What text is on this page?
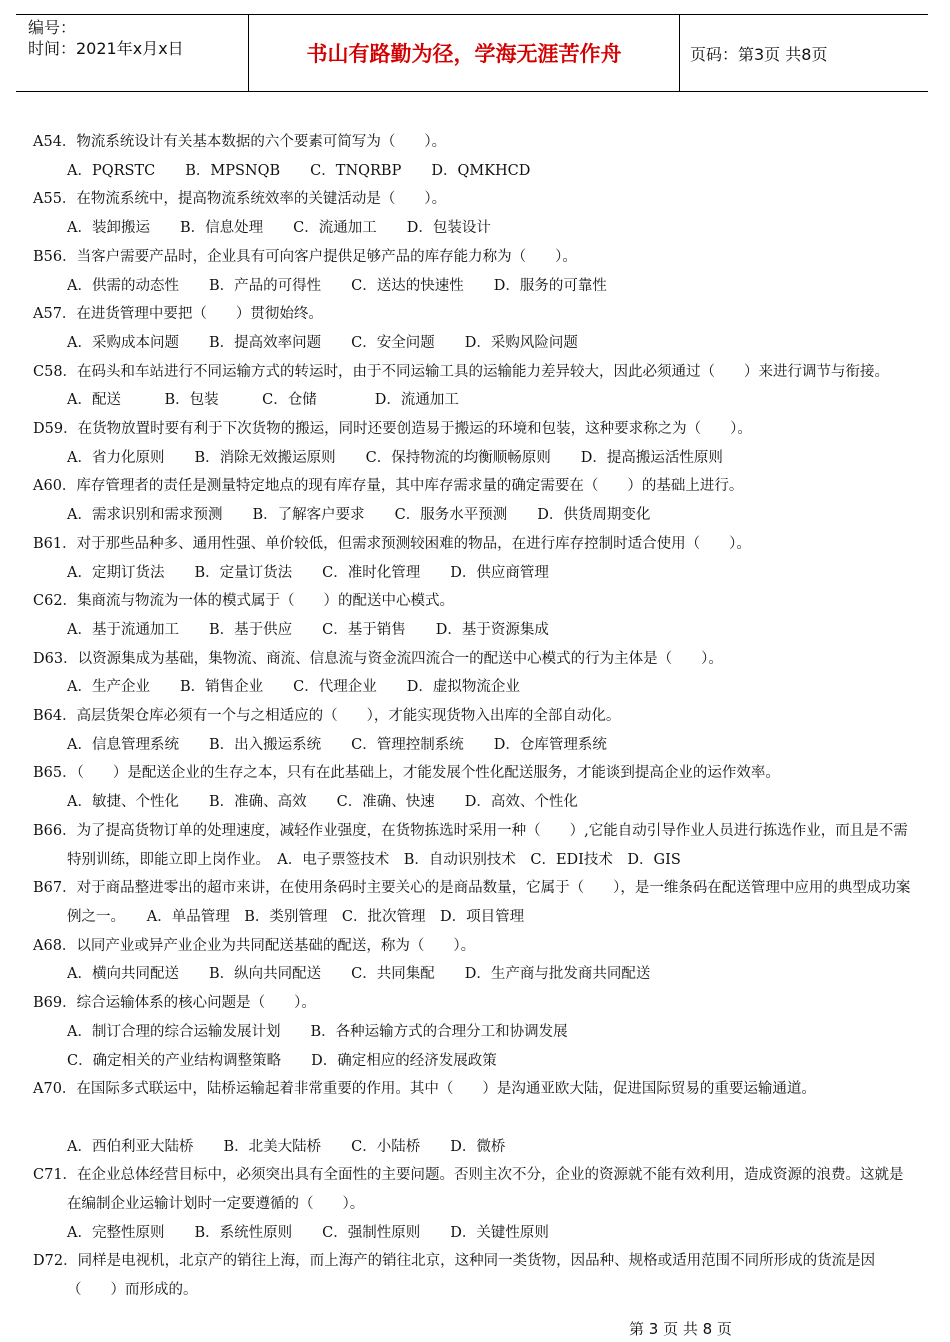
编号：
时间：2021年x月x日	书山有路勤为径，学海无涯苦作舟	页码：第3页 共8页

A54．物流系统设计有关基本数据的六个要素可简写为（　　）。

A．PQRSTC B．MPSNQB C．TNQRBP D．QMKHCD

A55．在物流系统中，提高物流系统效率的关键活动是（　　）。

A．装卸搬运 B．信息处理 C．流通加工 D．包装设计

B56．当客户需要产品时，企业具有可向客户提供足够产品的库存能力称为（　　）。

A．供需的动态性 B．产品的可得性 C．送达的快速性 D．服务的可靠性

A57．在进货管理中要把（　　）贯彻始终。

A．采购成本问题 B．提高效率问题 C．安全问题 D．采购风险问题

C58．在码头和车站进行不同运输方式的转运时，由于不同运输工具的运输能力差异较大，因此必须通过（　　）来进行调节与衔接。　A．配送　　　B．包装　　　C．仓储　　　　D．流通加工

D59．在货物放置时要有利于下次货物的搬运，同时还要创造易于搬运的环境和包装，这种要求称之为（　　）。

A．省力化原则 B．消除无效搬运原则 C．保持物流的均衡顺畅原则 D．提高搬运活性原则

A60．库存管理者的责任是测量特定地点的现有库存量，其中库存需求量的确定需要在（　　）的基础上进行。

A．需求识别和需求预测 B．了解客户要求 C．服务水平预测 D．供货周期变化

B61．对于那些品种多、通用性强、单价较低，但需求预测较困难的物品，在进行库存控制时适合使用（　　）。

A．定期订货法 B．定量订货法 C．准时化管理 D．供应商管理

C62．集商流与物流为一体的模式属于（　　）的配送中心模式。

A．基于流通加工 B．基于供应 C．基于销售 D．基于资源集成

D63．以资源集成为基础，集物流、商流、信息流与资金流四流合一的配送中心模式的行为主体是（　　）。

A．生产企业 B．销售企业 C．代理企业 D．虚拟物流企业

B64．高层货架仓库必须有一个与之相适应的（　　），才能实现货物入出库的全部自动化。

A．信息管理系统 B．出入搬运系统 C．管理控制系统 D．仓库管理系统

B65．（　　）是配送企业的生存之本，只有在此基础上，才能发展个性化配送服务，才能谈到提高企业的运作效率。

A．敏捷、个性化 B．准确、高效 C．准确、快速 D．高效、个性化

B66．为了提高货物订单的处理速度，减轻作业强度，在货物拣选时采用一种（　　）,它能自动引导作业人员进行拣选作业，而且是不需特别训练，即能立即上岗作业。　A．电子票签技术　B．自动识别技术　C．EDI技术　D．GIS

B67．对于商品整进零出的超市来讲，在使用条码时主要关心的是商品数量，它属于（　　），是一维条码在配送管理中应用的典型成功案例之一。　　A．单品管理　B．类别管理　C．批次管理　D．项目管理

A68．以同产业或异产业企业为共同配送基础的配送，称为（　　）。

A．横向共同配送 B．纵向共同配送 C．共同集配 D．生产商与批发商共同配送

B69．综合运输体系的核心问题是（　　）。

A．制订合理的综合运输发展计划 B．各种运输方式的合理分工和协调发展
C．确定相关的产业结构调整策略 D．确定相应的经济发展政策

A70．在国际多式联运中，陆桥运输起着非常重要的作用。其中（　　）是沟通亚欧大陆，促进国际贸易的重要运输通道。

A．西伯利亚大陆桥 B．北美大陆桥 C．小陆桥 D．微桥

C71．在企业总体经营目标中，必须突出具有全面性的主要问题。否则主次不分，企业的资源就不能有效利用，造成资源的浪费。这就是在编制企业运输计划时一定要遵循的（　　）。

A．完整性原则 B．系统性原则 C．强制性原则 D．关键性原则

D72．同样是电视机，北京产的销往上海，而上海产的销往北京，这种同一类货物，因品种、规格或适用范围不同所形成的货流是因（　　）而形成的。

第 3 页 共 8 页
